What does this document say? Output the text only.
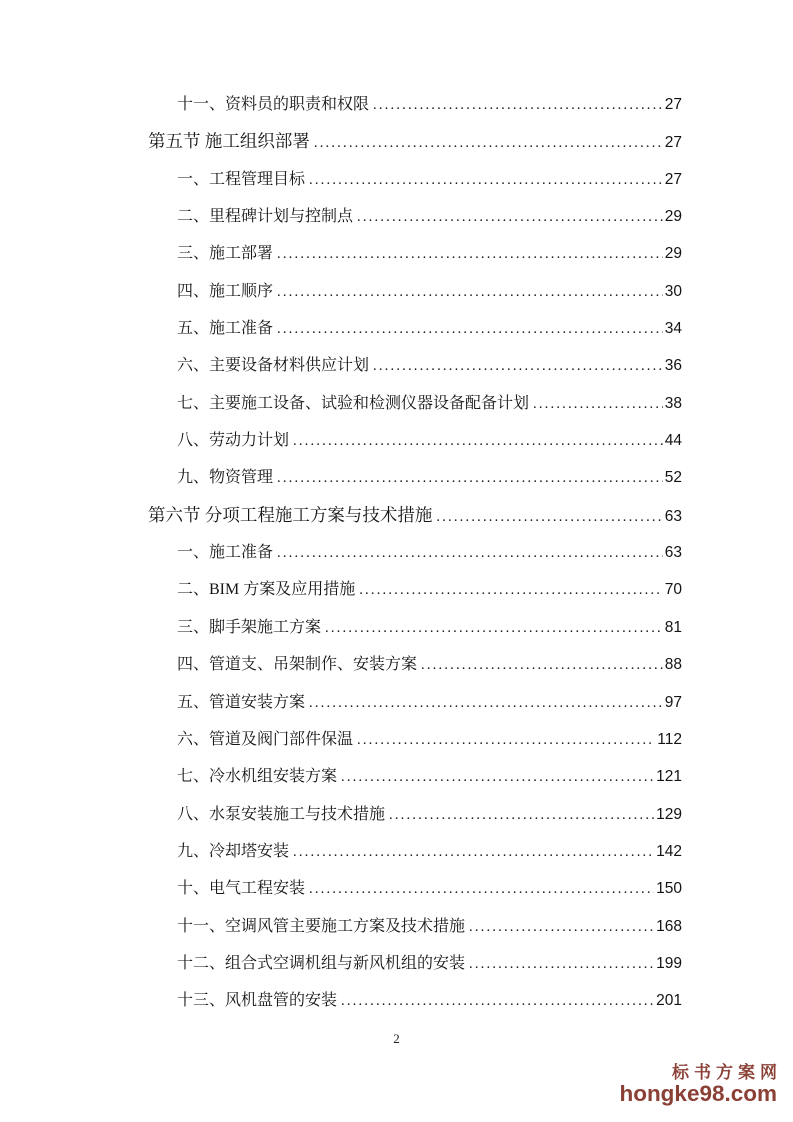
十一、资料员的职责和权限 .....	27
第五节 施工组织部署 .....	27
一、工程管理目标 .....	27
二、里程碑计划与控制点 .....	29
三、施工部署 .....	29
四、施工顺序 .....	30
五、施工准备 .....	34
六、主要设备材料供应计划 .....	36
七、主要施工设备、试验和检测仪器设备配备计划 .....	38
八、劳动力计划 .....	44
九、物资管理 .....	52
第六节 分项工程施工方案与技术措施 .....	63
一、施工准备 .....	63
二、BIM 方案及应用措施 .....	70
三、脚手架施工方案 .....	81
四、管道支、吊架制作、安装方案 .....	88
五、管道安装方案 .....	97
六、管道及阀门部件保温 .....	112
七、冷水机组安装方案 .....	121
八、水泵安装施工与技术措施 .....	129
九、冷却塔安装 .....	142
十、电气工程安装 .....	150
十一、空调风管主要施工方案及技术措施 .....	168
十二、组合式空调机组与新风机组的安装 .....	199
十三、风机盘管的安装 .....	201
2
标书方案网
hongke98.com
